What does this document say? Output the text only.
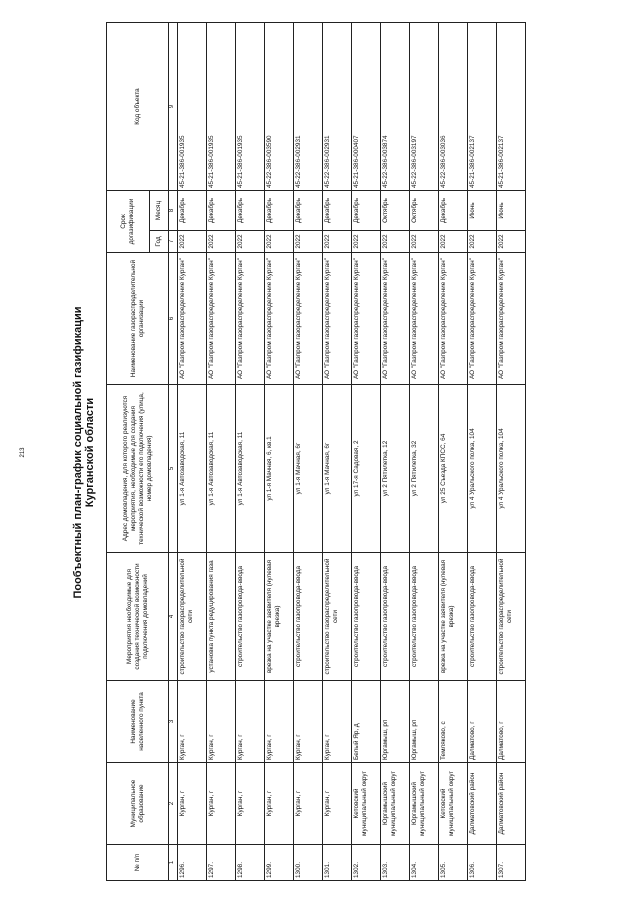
213	Пообъектный план-график социальной газификации Курганской области
№ п/п	Муниципальное образование	Наименование населенного пункта	Мероприятия необходимые для создания технической возможности подключения домовладений	Адрес домовладения, для которого реализуются мероприятия, необходимые для создания технической возможности его подключения (улица, номер домовладения)	Наименование газораспределительной организации	Срок догазификации		Код объекта
						Год	Месяц	
1	2	3	4	5	6	7	8	9
1296.	Курган, г	Курган, г	строительство газораспределительной сети	ул 1-я Автозаводская, 11	АО "Газпром газораспределение Курган"	2022	Декабрь	45-21-386-001935
1297.	Курган, г	Курган, г	установка пункта редуцирования газа	ул 1-я Автозаводская, 11	АО "Газпром газораспределение Курган"	2022	Декабрь	45-21-386-001935
1298.	Курган, г	Курган, г	строительство газопровода-ввода	ул 1-я Автозаводская, 11	АО "Газпром газораспределение Курган"	2022	Декабрь	45-21-386-001935
1299.	Курган, г	Курган, г	врезка на участке заявителя (нулевая врезка)	ул 1-я Мачная, 6, кв.1	АО "Газпром газораспределение Курган"	2022	Декабрь	45-22-386-003590
1300.	Курган, г	Курган, г	строительство газопровода-ввода	ул 1-я Мачная, 6г	АО "Газпром газораспределение Курган"	2022	Декабрь	45-22-386-002931
1301.	Курган, г	Курган, г	строительство газораспределительной сети	ул 1-я Мачная, 6г	АО "Газпром газораспределение Курган"	2022	Декабрь	45-22-386-002931
1302.	Кетовский муниципальный округ	Белый Яр, д	строительство газопровода-ввода	ул 17-я Садовая, 2	АО "Газпром газораспределение Курган"	2022	Декабрь	45-21-386-000407
1303.	Юргамышский муниципальный округ	Юргамыш, рп	строительство газопровода-ввода	ул 2 Пятилетка, 12	АО "Газпром газораспределение Курган"	2022	Октябрь	45-22-386-003874
1304.	Юргамышский муниципальный округ	Юргамыш, рп	строительство газопровода-ввода	ул 2 Пятилетка, 32	АО "Газпром газораспределение Курган"	2022	Октябрь	45-22-386-003197
1305.	Кетовский муниципальный округ	Темляково, с	врезка на участке заявителя (нулевая врезка)	ул 25 Съезда КПСС, 64	АО "Газпром газораспределение Курган"	2022	Декабрь	45-22-386-003036
1306.	Далматовский район	Далматово, г	строительство газопровода-ввода	ул 4 Уральского полка, 104	АО "Газпром газораспределение Курган"	2022	Июнь	45-21-386-002137
1307.	Далматовский район	Далматово, г	строительство газораспределительной сети	ул 4 Уральского полка, 104	АО "Газпром газораспределение Курган"	2022	Июнь	45-21-386-002137
